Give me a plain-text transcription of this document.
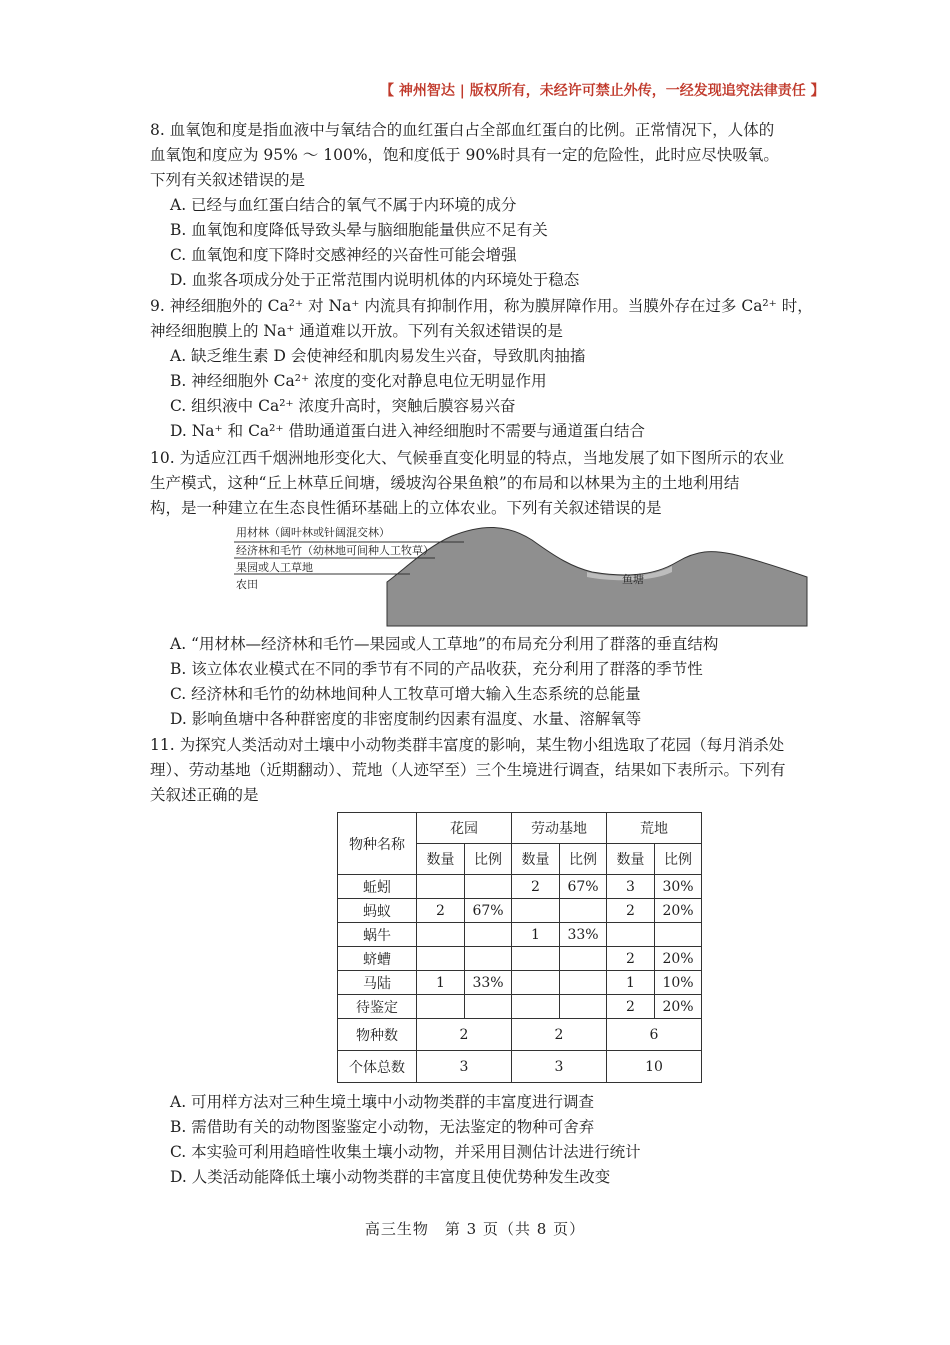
【 神州智达 | 版权所有，未经许可禁止外传，一经发现追究法律责任 】

8. 血氧饱和度是指血液中与氧结合的血红蛋白占全部血红蛋白的比例。正常情况下，人体的

血氧饱和度应为 95% ～ 100%，饱和度低于 90%时具有一定的危险性，此时应尽快吸氧。

下列有关叙述错误的是

A. 已经与血红蛋白结合的氧气不属于内环境的成分

B. 血氧饱和度降低导致头晕与脑细胞能量供应不足有关

C. 血氧饱和度下降时交感神经的兴奋性可能会增强

D. 血浆各项成分处于正常范围内说明机体的内环境处于稳态

9. 神经细胞外的 Ca²⁺ 对 Na⁺ 内流具有抑制作用，称为膜屏障作用。当膜外存在过多 Ca²⁺ 时，

神经细胞膜上的 Na⁺ 通道难以开放。下列有关叙述错误的是

A. 缺乏维生素 D 会使神经和肌肉易发生兴奋，导致肌肉抽搐

B. 神经细胞外 Ca²⁺ 浓度的变化对静息电位无明显作用

C. 组织液中 Ca²⁺ 浓度升高时，突触后膜容易兴奋

D. Na⁺ 和 Ca²⁺ 借助通道蛋白进入神经细胞时不需要与通道蛋白结合

10. 为适应江西千烟洲地形变化大、气候垂直变化明显的特点，当地发展了如下图所示的农业

生产模式，这种“丘上林草丘间塘，缓坡沟谷果鱼粮”的布局和以林果为主的土地利用结

构，是一种建立在生态良性循环基础上的立体农业。下列有关叙述错误的是

用材林（阔叶林或针阔混交林）
经济林和毛竹（幼林地可间种人工牧草）
果园或人工草地
农田	鱼塘

A. “用材林—经济林和毛竹—果园或人工草地”的布局充分利用了群落的垂直结构

B. 该立体农业模式在不同的季节有不同的产品收获，充分利用了群落的季节性

C. 经济林和毛竹的幼林地间种人工牧草可增大输入生态系统的总能量

D. 影响鱼塘中各种群密度的非密度制约因素有温度、水量、溶解氧等

11. 为探究人类活动对土壤中小动物类群丰富度的影响，某生物小组选取了花园（每月消杀处

理）、劳动基地（近期翻动）、荒地（人迹罕至）三个生境进行调查，结果如下表所示。下列有

关叙述正确的是

物种名称	花园		劳动基地		荒地	
	数量	比例	数量	比例	数量	比例
蚯蚓			2	67%	3	30%
蚂蚁	2	67%			2	20%
蜗牛			1	33%		
蛴螬					2	20%
马陆	1	33%			1	10%
待鉴定					2	20%
物种数	2		2		6	
个体总数	3		3		10	

A. 可用样方法对三种生境土壤中小动物类群的丰富度进行调查

B. 需借助有关的动物图鉴鉴定小动物，无法鉴定的物种可舍弃

C. 本实验可利用趋暗性收集土壤小动物，并采用目测估计法进行统计

D. 人类活动能降低土壤小动物类群的丰富度且使优势种发生改变

高三生物　第 3 页（共 8 页）
